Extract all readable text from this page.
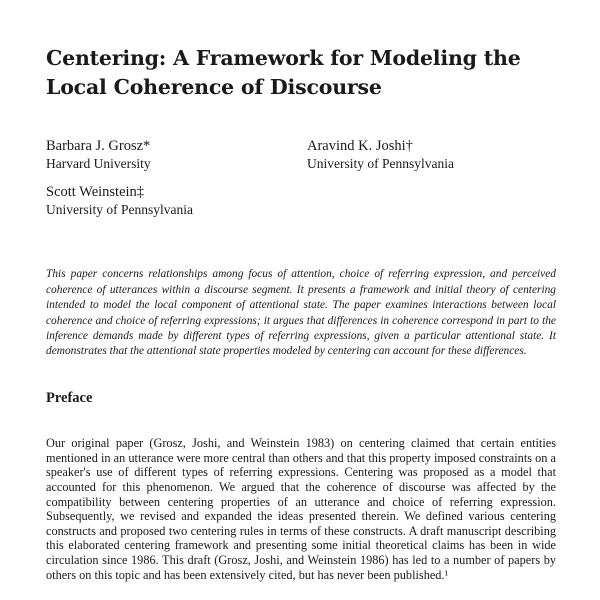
Centering: A Framework for Modeling the
Local Coherence of Discourse
Barbara J. Grosz*
Harvard University
Aravind K. Joshi†
University of Pennsylvania
Scott Weinstein‡
University of Pennsylvania

This paper concerns relationships among focus of attention, choice of referring expression, and perceived coherence of utterances within a discourse segment. It presents a framework and initial theory of centering intended to model the local component of attentional state. The paper examines interactions between local coherence and choice of referring expressions; it argues that differences in coherence correspond in part to the inference demands made by different types of referring expressions, given a particular attentional state. It demonstrates that the attentional state properties modeled by centering can account for these differences.

Preface

Our original paper (Grosz, Joshi, and Weinstein 1983) on centering claimed that certain entities mentioned in an utterance were more central than others and that this property imposed constraints on a speaker's use of different types of referring expressions. Centering was proposed as a model that accounted for this phenomenon. We argued that the coherence of discourse was affected by the compatibility between centering properties of an utterance and choice of referring expression. Subsequently, we revised and expanded the ideas presented therein. We defined various centering constructs and proposed two centering rules in terms of these constructs. A draft manuscript describing this elaborated centering framework and presenting some initial theoretical claims has been in wide circulation since 1986. This draft (Grosz, Joshi, and Weinstein 1986) has led to a number of papers by others on this topic and has been extensively cited, but has never been published.¹
